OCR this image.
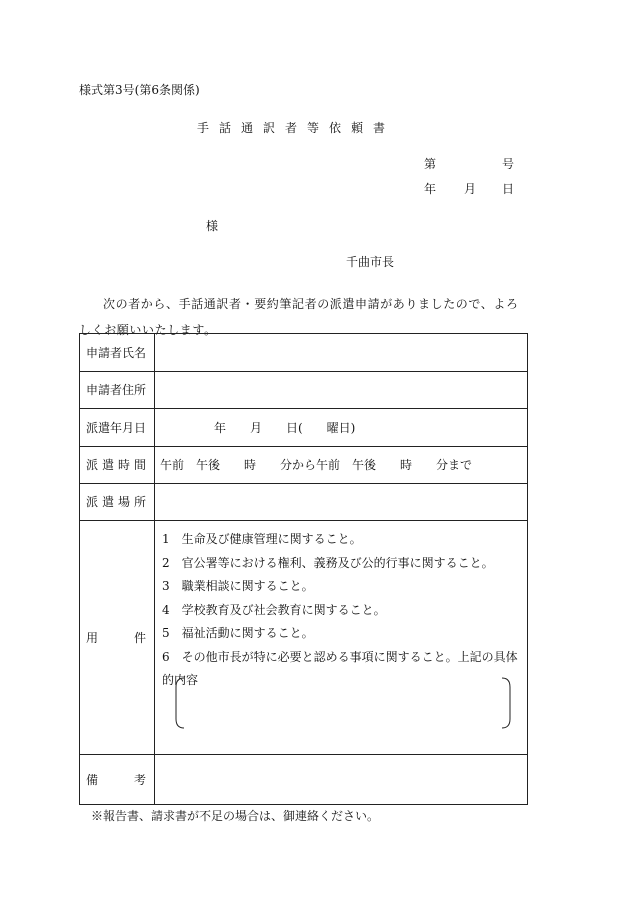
様式第3号(第6条関係)
手話通訳者等依頼書
第	号
年 月 日
様
千曲市長
次の者から、手話通訳者・要約筆記者の派遣申請がありましたので、よろしくお願いいたします。
申請者氏名
申請者住所
派遣年月日	年　　月　　日(　　曜日)
派遣時間 午前　午後　　時　　分から午前　午後　　時　　分まで
派遣場所
用　　　件
1　生命及び健康管理に関すること。
2　官公署等における権利、義務及び公的行事に関すること。
3　職業相談に関すること。
4　学校教育及び社会教育に関すること。
5　福祉活動に関すること。
6　その他市長が特に必要と認める事項に関すること。上記の具体的内容
備　　　考
※報告書、請求書が不足の場合は、御連絡ください。
